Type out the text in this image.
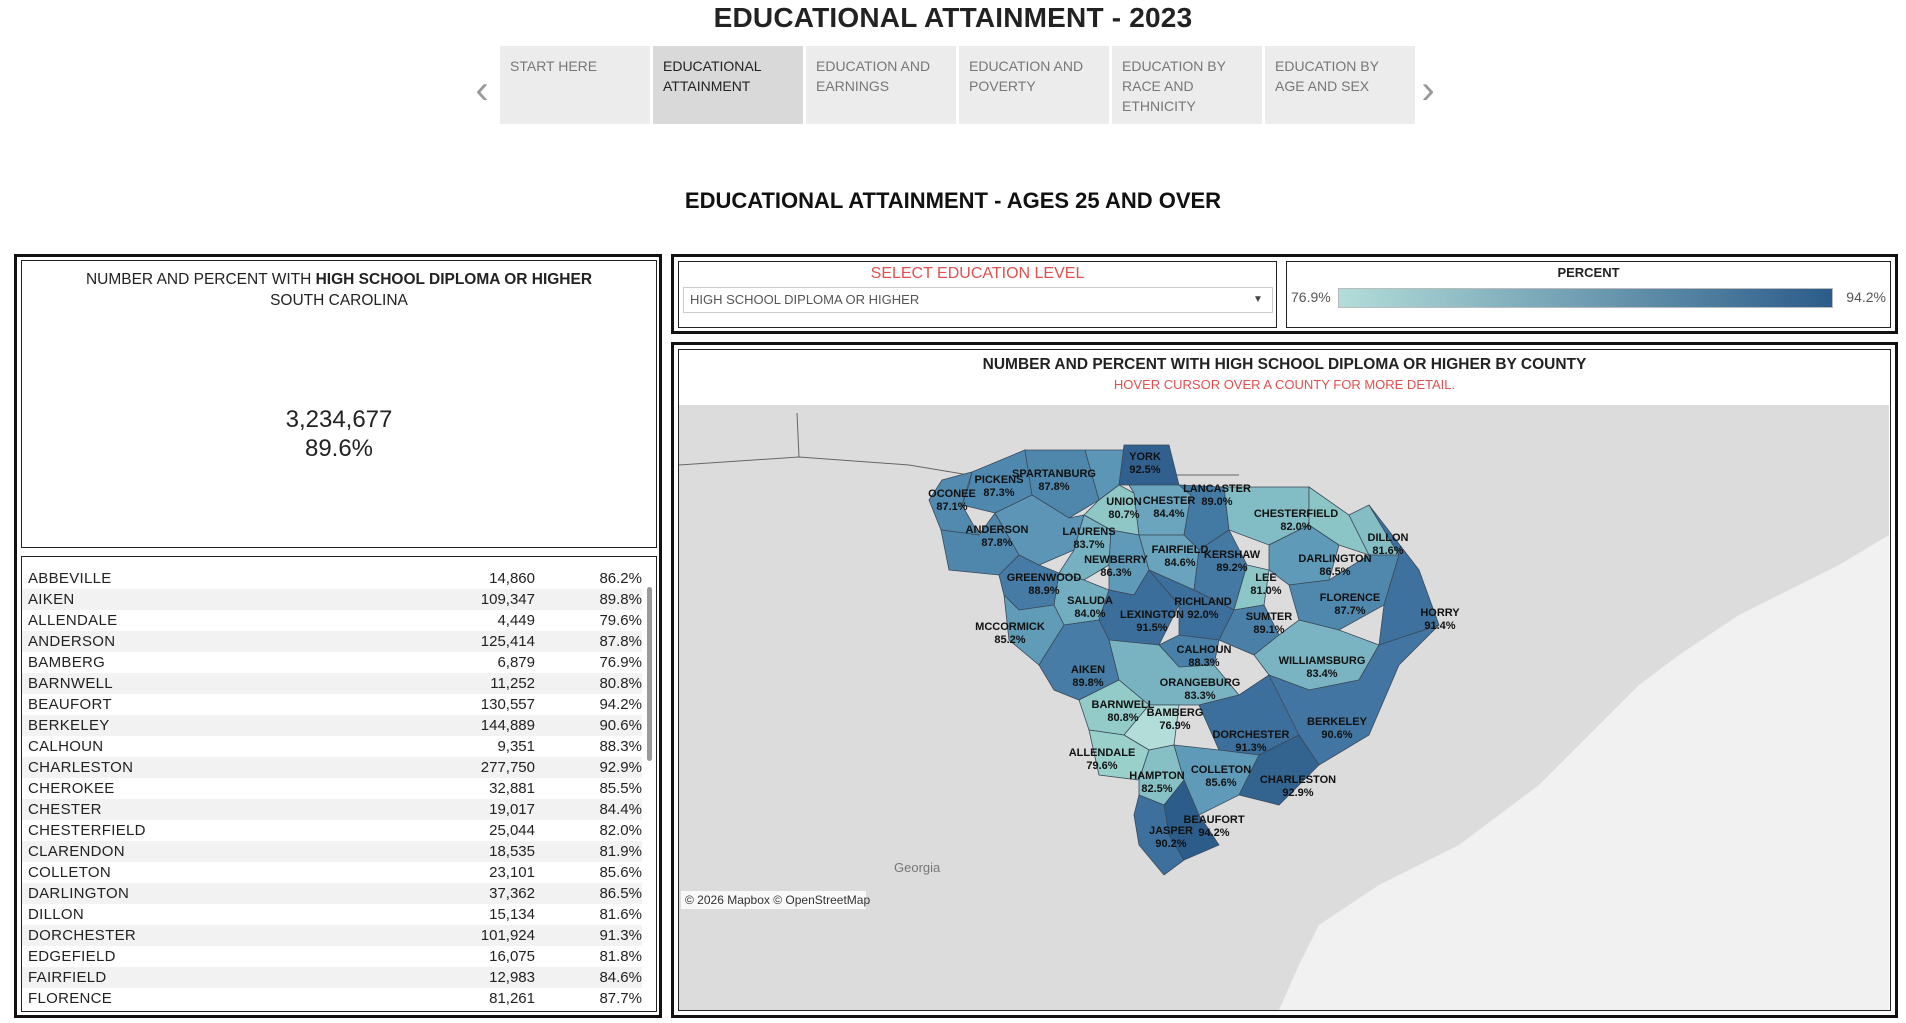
EDUCATIONAL ATTAINMENT - 2023
‹	›
START HERE	EDUCATIONAL ATTAINMENT
EDUCATION AND EARNINGS
EDUCATION AND POVERTY
EDUCATION BY RACE AND ETHNICITY
EDUCATION BY AGE AND SEX
EDUCATIONAL ATTAINMENT - AGES 25 AND OVER
NUMBER AND PERCENT WITH HIGH SCHOOL DIPLOMA OR HIGHER
SOUTH CAROLINA
3,234,677
89.6%
ABBEVILLE	14,860	86.2%
AIKEN	109,347	89.8%
ALLENDALE	4,449	79.6%
ANDERSON	125,414	87.8%
BAMBERG	6,879	76.9%
BARNWELL	11,252	80.8%
BEAUFORT	130,557	94.2%
BERKELEY	144,889	90.6%
CALHOUN	9,351	88.3%
CHARLESTON	277,750	92.9%
CHEROKEE	32,881	85.5%
CHESTER	19,017	84.4%
CHESTERFIELD	25,044	82.0%
CLARENDON	18,535	81.9%
COLLETON	23,101	85.6%
DARLINGTON	37,362	86.5%
DILLON	15,134	81.6%
DORCHESTER	101,924	91.3%
EDGEFIELD	16,075	81.8%
FAIRFIELD	12,983	84.6%
FLORENCE	81,261	87.7%
SELECT EDUCATION LEVEL
HIGH SCHOOL DIPLOMA OR HIGHER	▼
PERCENT
76.9%	94.2%
NUMBER AND PERCENT WITH HIGH SCHOOL DIPLOMA OR HIGHER BY COUNTY
HOVER CURSOR OVER A COUNTY FOR MORE DETAIL.
Georgia
YORK
92.5%
SPARTANBURG
87.8%
PICKENS
87.3%
OCONEE
87.1%	UNION
80.7%
CHESTER
84.4%
LANCASTER
89.0%
CHESTERFIELD
82.0%
ANDERSON
87.8%
LAURENS
83.7%
DILLON
81.6%
FAIRFIELD
84.6%
KERSHAW
89.2%
DARLINGTON
86.5%
NEWBERRY
86.3%
GREENWOOD
88.9%
LEE
81.0%
FLORENCE
87.7%
RICHLAND
92.0%
SALUDA
84.0% LEXINGTON
91.5%
SUMTER
89.1%
HORRY
91.4%
MCCORMICK
85.2%
CALHOUN
88.3%	WILLIAMSBURG
83.4%
AIKEN
89.8%	ORANGEBURG
83.3%
BARNWELL
80.8% BAMBERG
76.9%	BERKELEY
90.6%
DORCHESTER
91.3%
ALLENDALE
79.6%
HAMPTON
82.5%
COLLETON
85.6% CHARLESTON
92.9%
BEAUFORT
94.2%
JASPER
90.2%
© 2026 Mapbox © OpenStreetMap
